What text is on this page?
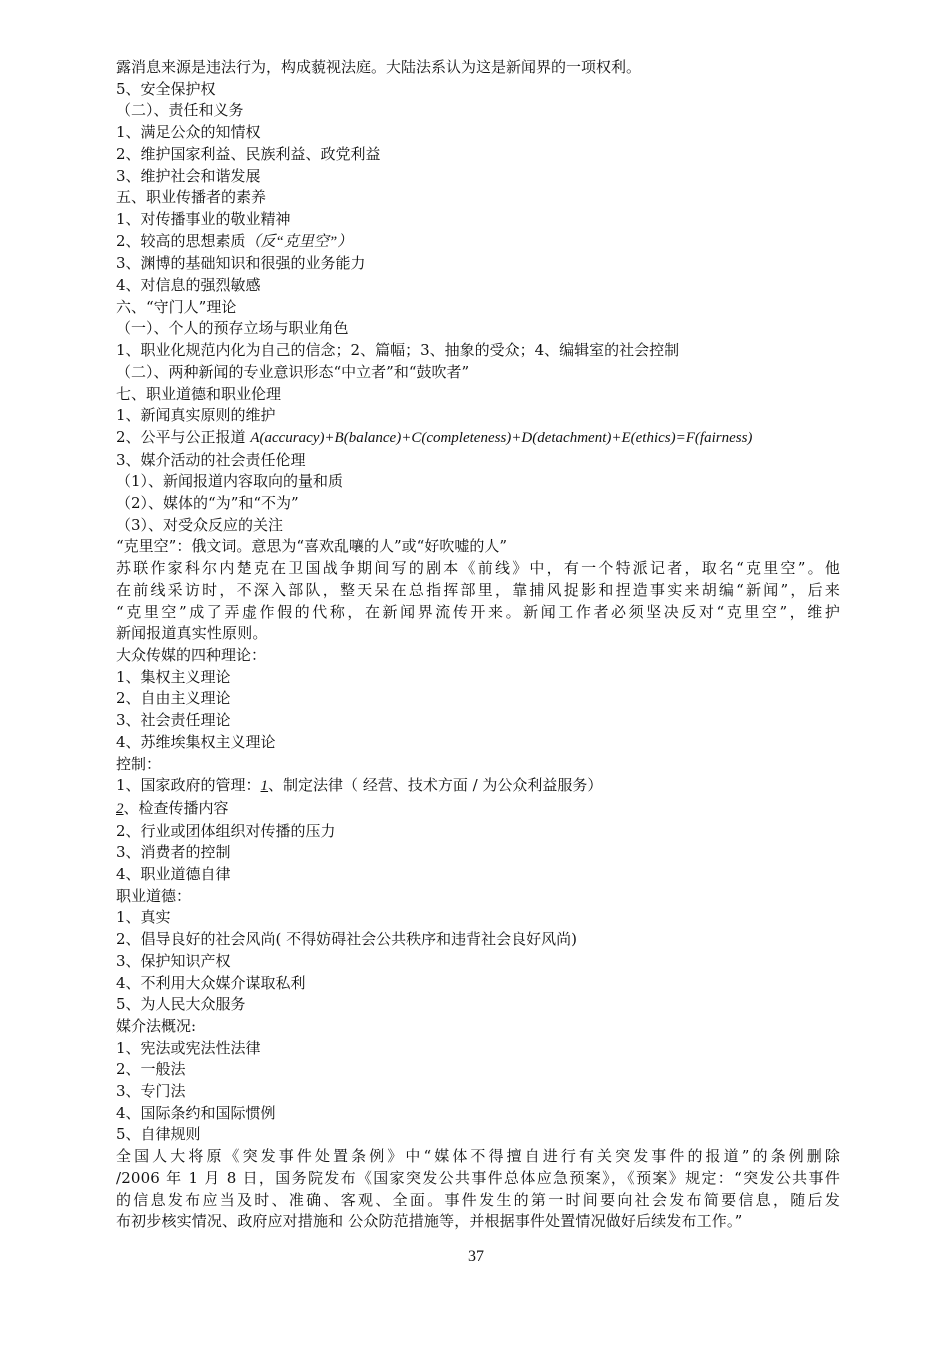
露消息来源是违法行为，构成藐视法庭。大陆法系认为这是新闻界的一项权利。
5、安全保护权
（二）、责任和义务
1、满足公众的知情权
2、维护国家利益、民族利益、政党利益
3、维护社会和谐发展
五、职业传播者的素养
1、对传播事业的敬业精神
2、较高的思想素质（反“克里空”）
3、渊博的基础知识和很强的业务能力
4、对信息的强烈敏感
六、“守门人”理论
（一）、个人的预存立场与职业角色
1、职业化规范内化为自己的信念；2、篇幅；3、抽象的受众；4、编辑室的社会控制
（二）、两种新闻的专业意识形态“中立者”和“鼓吹者”
七、职业道德和职业伦理
1、新闻真实原则的维护
2、公平与公正报道 A(accuracy)+B(balance)+C(completeness)+D(detachment)+E(ethics)=F(fairness)
3、媒介活动的社会责任伦理
（1）、新闻报道内容取向的量和质
（2）、媒体的“为”和“不为”
（3）、对受众反应的关注
“克里空”：俄文词。意思为“喜欢乱嚷的人”或“好吹嘘的人”
苏联作家科尔内楚克在卫国战争期间写的剧本《前线》中，有一个特派记者，取名“克里空”。他
在前线采访时，不深入部队，整天呆在总指挥部里，靠捕风捉影和捏造事实来胡编“新闻”，后来
“克里空”成了弄虚作假的代称，在新闻界流传开来。新闻工作者必须坚决反对“克里空”，维护
新闻报道真实性原则。
大众传媒的四种理论：
1、集权主义理论
2、自由主义理论
3、社会责任理论
4、苏维埃集权主义理论
控制：
1、国家政府的管理：1、制定法律（ 经营、技术方面 / 为公众利益服务）
2、检查传播内容
2、行业或团体组织对传播的压力
3、消费者的控制
4、职业道德自律
职业道德：
1、真实
2、倡导良好的社会风尚( 不得妨碍社会公共秩序和违背社会良好风尚)
3、保护知识产权
4、不利用大众媒介谋取私利
5、为人民大众服务
媒介法概况:
1、宪法或宪法性法律
2、一般法
3、专门法
4、国际条约和国际惯例
5、自律规则
全国人大将原《突发事件处置条例》中“媒体不得擅自进行有关突发事件的报道”的条例删除
/2006 年 1 月 8 日，国务院发布《国家突发公共事件总体应急预案》，《预案》规定：“突发公共事件
的信息发布应当及时、准确、客观、全面。事件发生的第一时间要向社会发布简要信息，随后发
布初步核实情况、政府应对措施和 公众防范措施等，并根据事件处置情况做好后续发布工作。”
37
